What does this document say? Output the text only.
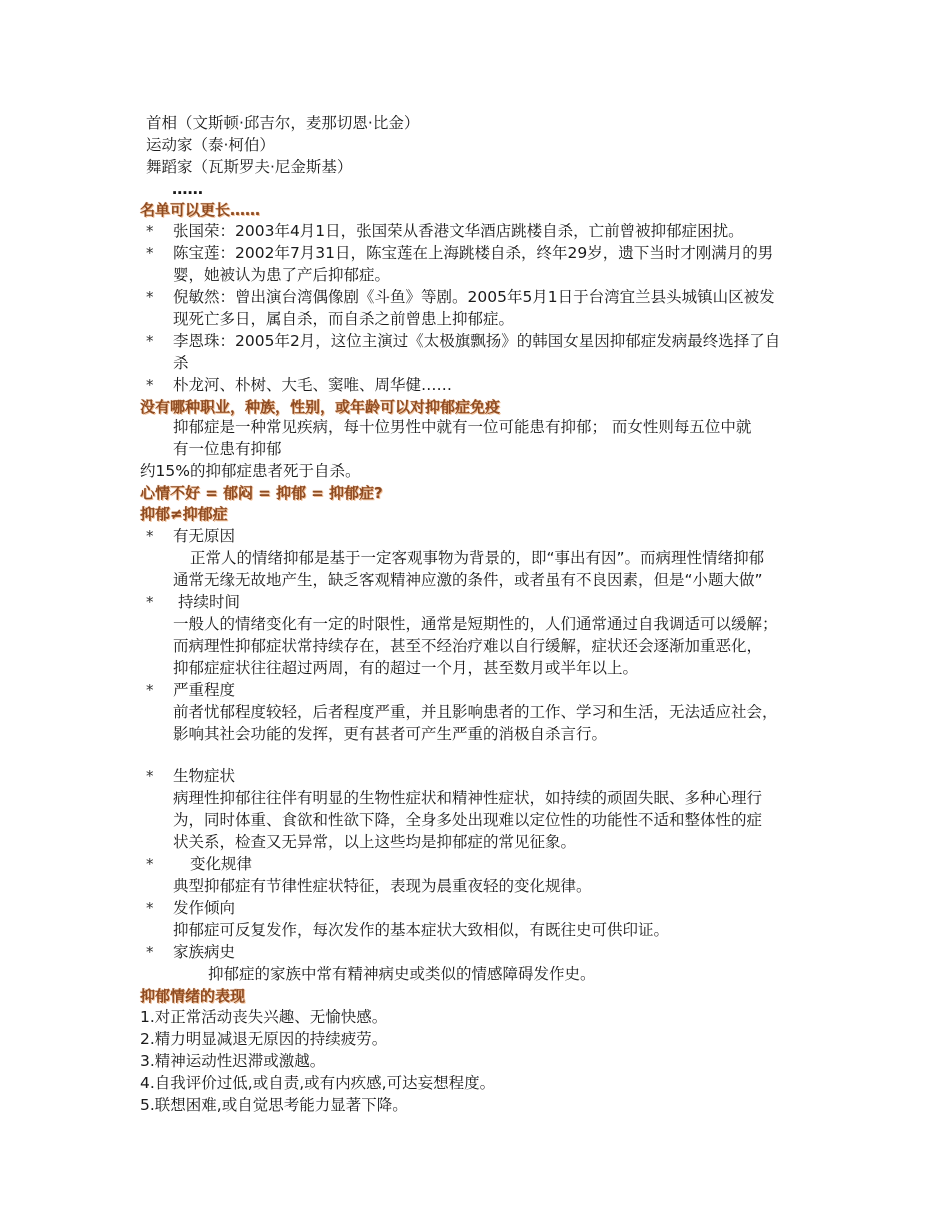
首相（文斯顿·邱吉尔，麦那切恩·比金）
运动家（泰·柯伯）
舞蹈家（瓦斯罗夫·尼金斯基）
……
名单可以更长……
* 张国荣：2003年4月1日，张国荣从香港文华酒店跳楼自杀，亡前曾被抑郁症困扰。
* 陈宝莲：2002年7月31日，陈宝莲在上海跳楼自杀，终年29岁，遗下当时才刚满月的男
婴，她被认为患了产后抑郁症。
* 倪敏然：曾出演台湾偶像剧《斗鱼》等剧。2005年5月1日于台湾宜兰县头城镇山区被发
现死亡多日，属自杀，而自杀之前曾患上抑郁症。
* 李恩珠：2005年2月，这位主演过《太极旗飘扬》的韩国女星因抑郁症发病最终选择了自
杀
* 朴龙河、朴树、大毛、窦唯、周华健……
没有哪种职业，种族，性别，或年龄可以对抑郁症免疫
抑郁症是一种常见疾病，每十位男性中就有一位可能患有抑郁； 而女性则每五位中就
有一位患有抑郁
约15%的抑郁症患者死于自杀。
心情不好 = 郁闷 = 抑郁 = 抑郁症?
抑郁≠抑郁症
* 有无原因
正常人的情绪抑郁是基于一定客观事物为背景的，即“事出有因”。而病理性情绪抑郁
通常无缘无故地产生，缺乏客观精神应激的条件，或者虽有不良因素，但是“小题大做”
* 持续时间
一般人的情绪变化有一定的时限性，通常是短期性的，人们通常通过自我调适可以缓解；
而病理性抑郁症状常持续存在，甚至不经治疗难以自行缓解，症状还会逐渐加重恶化，
抑郁症症状往往超过两周，有的超过一个月，甚至数月或半年以上。
* 严重程度
前者忧郁程度较轻，后者程度严重，并且影响患者的工作、学习和生活，无法适应社会，
影响其社会功能的发挥，更有甚者可产生严重的消极自杀言行。
* 生物症状
病理性抑郁往往伴有明显的生物性症状和精神性症状，如持续的顽固失眠、多种心理行
为，同时体重、食欲和性欲下降，全身多处出现难以定位性的功能性不适和整体性的症
状关系，检查又无异常，以上这些均是抑郁症的常见征象。
* 变化规律
典型抑郁症有节律性症状特征，表现为晨重夜轻的变化规律。
* 发作倾向
抑郁症可反复发作，每次发作的基本症状大致相似，有既往史可供印证。
* 家族病史
抑郁症的家族中常有精神病史或类似的情感障碍发作史。
抑郁情绪的表现
1.对正常活动丧失兴趣、无愉快感。
2.精力明显减退无原因的持续疲劳。
3.精神运动性迟滞或激越。
4.自我评价过低,或自责,或有内疚感,可达妄想程度。
5.联想困难,或自觉思考能力显著下降。
